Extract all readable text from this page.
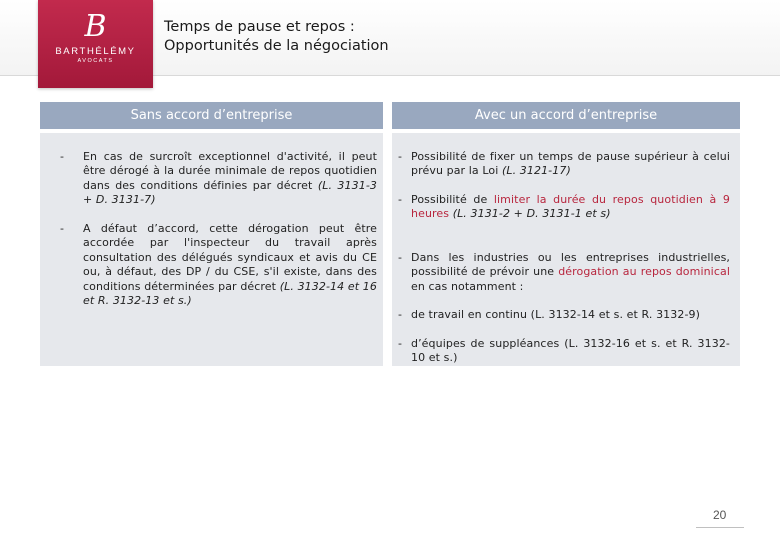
B
BARTHÉLÉMY
AVOCATS
Temps de pause et repos :
Opportunités de la négociation
Sans accord d’entreprise	Avec un accord d’entreprise
- En cas de surcroît exceptionnel d'activité, il peut être dérogé à la durée minimale de repos quotidien dans des conditions définies par décret (L. 3131-3 + D. 3131-7)
- A défaut d’accord, cette dérogation peut être accordée par l'inspecteur du travail après consultation des délégués syndicaux et avis du CE ou, à défaut, des DP / du CSE, s'il existe, dans des conditions déterminées par décret (L. 3132-14 et 16 et R. 3132-13 et s.)
- Possibilité de fixer un temps de pause supérieur à celui prévu par la Loi (L. 3121-17)
- Possibilité de limiter la durée du repos quotidien à 9 heures (L. 3131-2 + D. 3131-1 et s)
- Dans les industries ou les entreprises industrielles, possibilité de prévoir une dérogation au repos dominical en cas notamment :
- de travail en continu (L. 3132-14 et s. et R. 3132-9)
- d’équipes de suppléances (L. 3132-16 et s. et R. 3132-10 et s.)
20
